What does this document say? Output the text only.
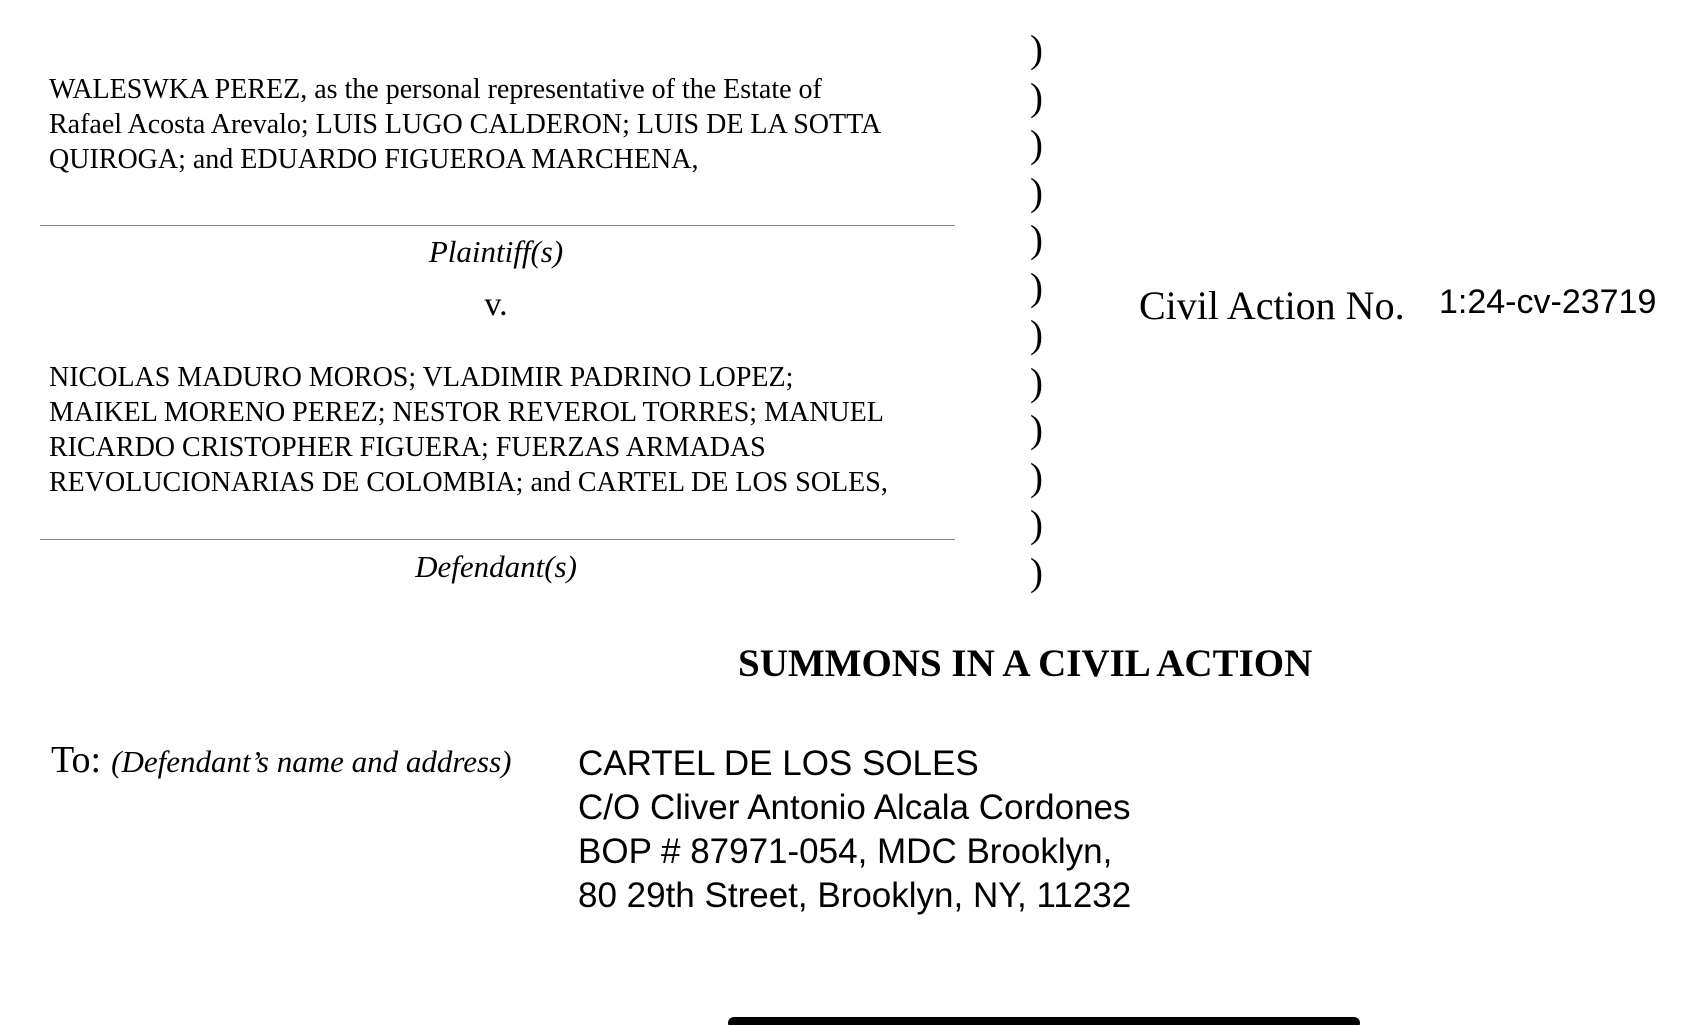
WALESWKA PEREZ, as the personal representative of the Estate of
Rafael Acosta Arevalo; LUIS LUGO CALDERON; LUIS DE LA SOTTA
QUIROGA; and EDUARDO FIGUEROA MARCHENA,
Plaintiff(s)
v.
NICOLAS MADURO MOROS; VLADIMIR PADRINO LOPEZ;
MAIKEL MORENO PEREZ; NESTOR REVEROL TORRES; MANUEL
RICARDO CRISTOPHER FIGUERA; FUERZAS ARMADAS
REVOLUCIONARIAS DE COLOMBIA; and CARTEL DE LOS SOLES,
Defendant(s)
)
)
)
)
)
)
)
)
)
)
)
)
Civil Action No. 1:24-cv-23719
SUMMONS IN A CIVIL ACTION
To: (Defendant’s name and address) CARTEL DE LOS SOLES
C/O Cliver Antonio Alcala Cordones
BOP # 87971-054, MDC Brooklyn,
80 29th Street, Brooklyn, NY, 11232
